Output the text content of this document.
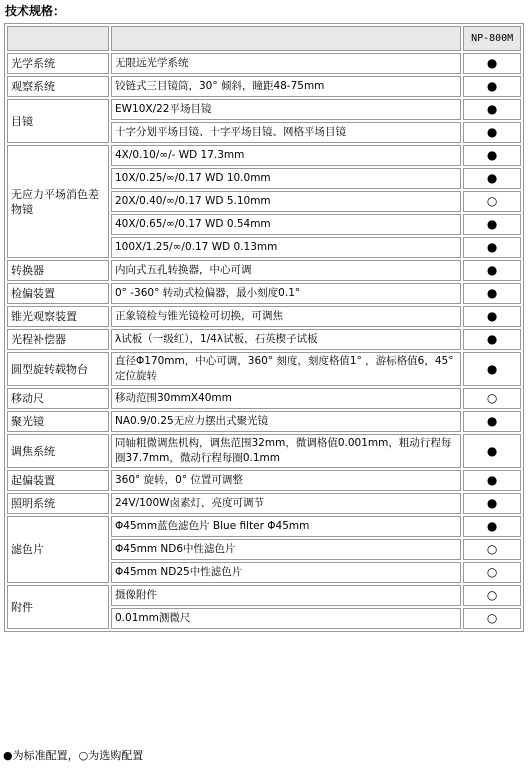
技术规格：
		NP-800M
光学系统	无限远光学系统	●
观察系统	铰链式三目镜筒，30° 倾斜，瞳距48-75mm	●
目镜	EW10X/22平场目镜	●
	十字分划平场目镜、十字平场目镜、网格平场目镜	●
无应力平场消色差物镜	4X/0.10/∞/- WD 17.3mm	●
	10X/0.25/∞/0.17 WD 10.0mm	●
	20X/0.40/∞/0.17 WD 5.10mm	○
	40X/0.65/∞/0.17 WD 0.54mm	●
	100X/1.25/∞/0.17 WD 0.13mm	●
转换器	内向式五孔转换器，中心可调	●
检偏装置	0° -360° 转动式检偏器，最小刻度0.1°	●
锥光观察装置	正象镜检与锥光镜检可切换，可调焦	●
光程补偿器	λ试板（一级红），1/4λ试板，石英楔子试板	●
圆型旋转载物台	直径Φ170mm，中心可调，360° 刻度，刻度格值1° ，游标格值6，45° 定位旋转	●
移动尺	移动范围30mmX40mm	○
聚光镜	NA0.9/0.25无应力摆出式聚光镜	●
调焦系统	同轴粗微调焦机构，调焦范围32mm，微调格值0.001mm，粗动行程每圈37.7mm，微动行程每圈0.1mm	●
起偏装置	360° 旋转，0° 位置可调整	●
照明系统	24V/100W卤素灯，亮度可调节	●
滤色片	Φ45mm蓝色滤色片 Blue filter Φ45mm	●
	Φ45mm ND6中性滤色片	○
	Φ45mm ND25中性滤色片	○
附件	摄像附件	○
	0.01mm测微尺	○
●为标准配置，○为选购配置
